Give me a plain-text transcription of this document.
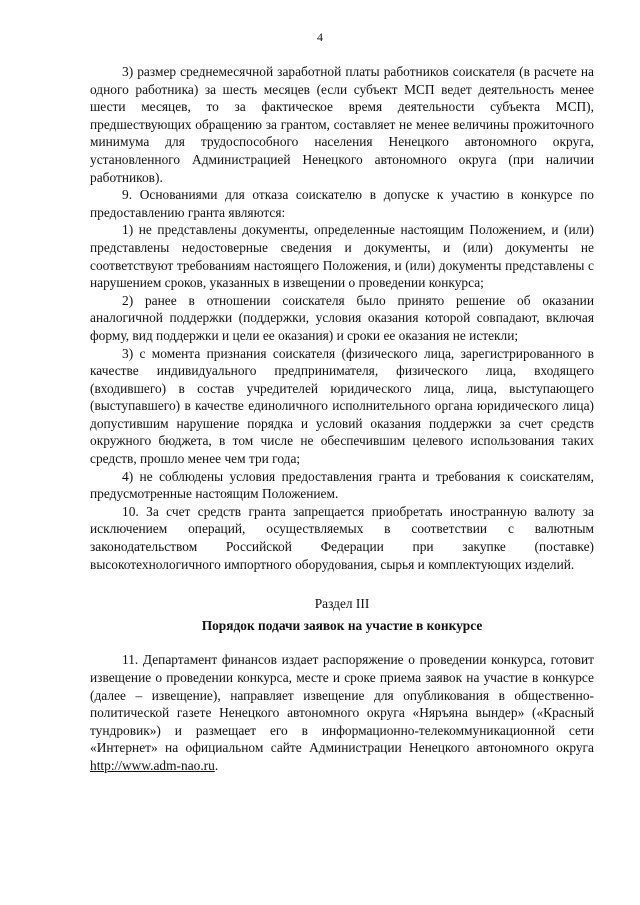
4

3) размер среднемесячной заработной платы работников соискателя (в расчете на одного работника) за шесть месяцев (если субъект МСП ведет деятельность менее шести месяцев, то за фактическое время деятельности субъекта МСП), предшествующих обращению за грантом, составляет не менее величины прожиточного минимума для трудоспособного населения Ненецкого автономного округа, установленного Администрацией Ненецкого автономного округа (при наличии работников).

9. Основаниями для отказа соискателю в допуске к участию в конкурсе по предоставлению гранта являются:

1) не представлены документы, определенные настоящим Положением, и (или) представлены недостоверные сведения и документы, и (или) документы не соответствуют требованиям настоящего Положения, и (или) документы представлены с нарушением сроков, указанных в извещении о проведении конкурса;

2) ранее в отношении соискателя было принято решение об оказании аналогичной поддержки (поддержки, условия оказания которой совпадают, включая форму, вид поддержки и цели ее оказания) и сроки ее оказания не истекли;

3) с момента признания соискателя (физического лица, зарегистрированного в качестве индивидуального предпринимателя, физического лица, входящего (входившего) в состав учредителей юридического лица, лица, выступающего (выступавшего) в качестве единоличного исполнительного органа юридического лица) допустившим нарушение порядка и условий оказания поддержки за счет средств окружного бюджета, в том числе не обеспечившим целевого использования таких средств, прошло менее чем три года;

4) не соблюдены условия предоставления гранта и требования к соискателям, предусмотренные настоящим Положением.

10. За счет средств гранта запрещается приобретать иностранную валюту за исключением операций, осуществляемых в соответствии с валютным законодательством Российской Федерации при закупке (поставке) высокотехнологичного импортного оборудования, сырья и комплектующих изделий.

Раздел III

Порядок подачи заявок на участие в конкурсе

11. Департамент финансов издает распоряжение о проведении конкурса, готовит извещение о проведении конкурса, месте и сроке приема заявок на участие в конкурсе (далее – извещение), направляет извещение для опубликования в общественно-политической газете Ненецкого автономного округа «Няръяна вындер» («Красный тундровик») и размещает его в информационно-телекоммуникационной сети «Интернет» на официальном сайте Администрации Ненецкого автономного округа http://www.adm-nao.ru.
